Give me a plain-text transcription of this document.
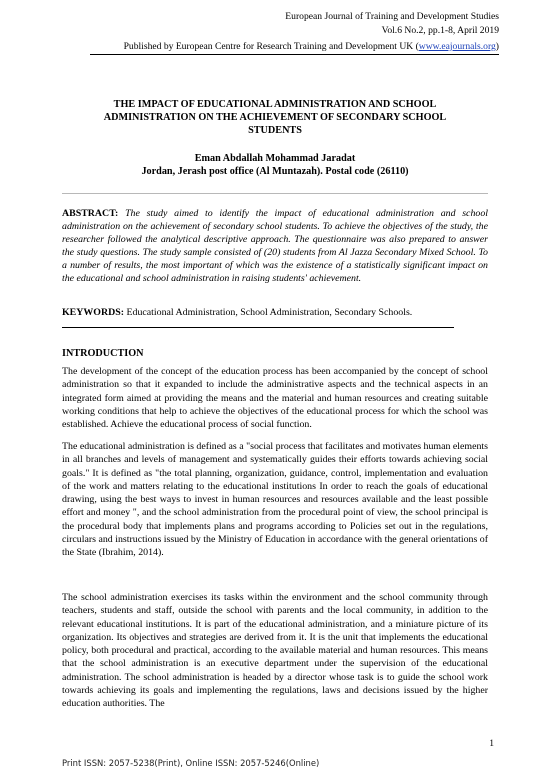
European Journal of Training and Development Studies
Vol.6 No.2, pp.1-8, April 2019
Published by European Centre for Research Training and Development UK (www.eajournals.org)
THE IMPACT OF EDUCATIONAL ADMINISTRATION AND SCHOOL
ADMINISTRATION ON THE ACHIEVEMENT OF SECONDARY SCHOOL
STUDENTS
Eman Abdallah Mohammad Jaradat
Jordan, Jerash post office (Al Muntazah). Postal code (26110)
ABSTRACT: The study aimed to identify the impact of educational administration and school administration on the achievement of secondary school students. To achieve the objectives of the study, the researcher followed the analytical descriptive approach. The questionnaire was also prepared to answer the study questions. The study sample consisted of (20) students from Al Jazza Secondary Mixed School. To a number of results, the most important of which was the existence of a statistically significant impact on the educational and school administration in raising students' achievement.
KEYWORDS: Educational Administration, School Administration, Secondary Schools.
INTRODUCTION

The development of the concept of the education process has been accompanied by the concept of school administration so that it expanded to include the administrative aspects and the technical aspects in an integrated form aimed at providing the means and the material and human resources and creating suitable working conditions that help to achieve the objectives of the educational process for which the school was established. Achieve the educational process of social function.

The educational administration is defined as a "social process that facilitates and motivates human elements in all branches and levels of management and systematically guides their efforts towards achieving social goals." It is defined as "the total planning, organization, guidance, control, implementation and evaluation of the work and matters relating to the educational institutions In order to reach the goals of educational drawing, using the best ways to invest in human resources and resources available and the least possible effort and money ", and the school administration from the procedural point of view, the school principal is the procedural body that implements plans and programs according to Policies set out in the regulations, circulars and instructions issued by the Ministry of Education in accordance with the general orientations of the State (Ibrahim, 2014).

The school administration exercises its tasks within the environment and the school community through teachers, students and staff, outside the school with parents and the local community, in addition to the relevant educational institutions. It is part of the educational administration, and a miniature picture of its organization. Its objectives and strategies are derived from it. It is the unit that implements the educational policy, both procedural and practical, according to the available material and human resources. This means that the school administration is an executive department under the supervision of the educational administration. The school administration is headed by a director whose task is to guide the school work towards achieving its goals and implementing the regulations, laws and decisions issued by the higher education authorities. The

1
Print ISSN: 2057-5238(Print), Online ISSN: 2057-5246(Online)
